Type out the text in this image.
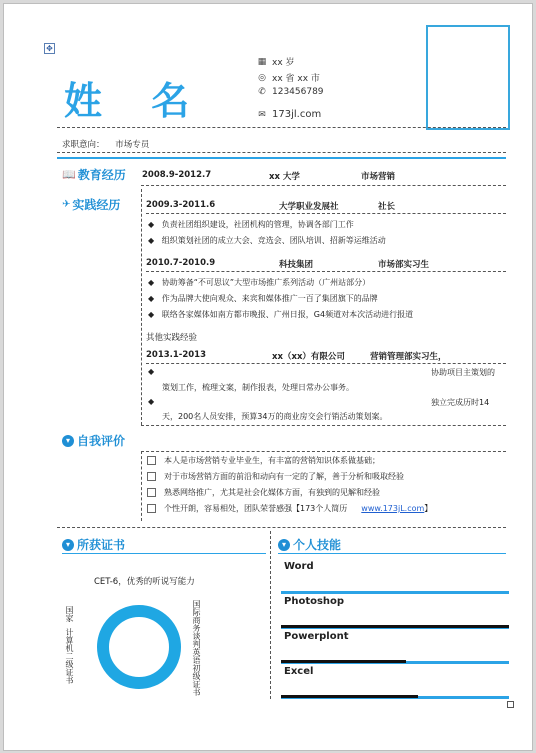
✥
姓 名
▦ xx 岁
◎ xx 省 xx 市
✆ 123456789
✉ 173jl.com
求职意向： 市场专员
📖 教育经历 2008.9-2012.7	xx 大学	市场营销
✈ 实践经历	2009.3-2011.6	大学职业发展社	社长
◆   负责社团组织建设，社团机构的管理，协调各部门工作
◆   组织策划社团的成立大会、竞选会、团队培训、招新等运维活动
2010.7-2010.9	科技集团	市场部实习生
◆   协助筹备“不可思议”大型市场推广系列活动（广州站部分）
◆   作为品牌大使向观众、来宾和媒体推广一百了集团旗下的品牌
◆   联络各家媒体如南方都市晚报、广州日报，G4频道对本次活动进行报道
其他实践经验
2013.1-2013	xx（xx）有限公司	营销管理部实习生，
◆	协助项目主策划的
策划工作，梳理文案，制作报表，处理日常办公事务。
◆	独立完成历时14
天，200名人员安排，预算34万的商业房交会行销活动策划案。
▾ 自我评价
本人是市场营销专业毕业生，有丰富的营销知识体系做基础；
对于市场营销方面的前沿和动向有一定的了解，善于分析和吸取经验
熟悉网络推广，尤其是社会化媒体方面，有独到的见解和经验
个性开朗，容易相处，团队荣誉感强【173个人简历 www.173jL.com】
▾ 所获证书
CET-6，优秀的听说写能力
国家
计算机二级证书	国际商务谈判英语初级证书
▾ 个人技能
Word
Photoshop
Powerplont
Excel
